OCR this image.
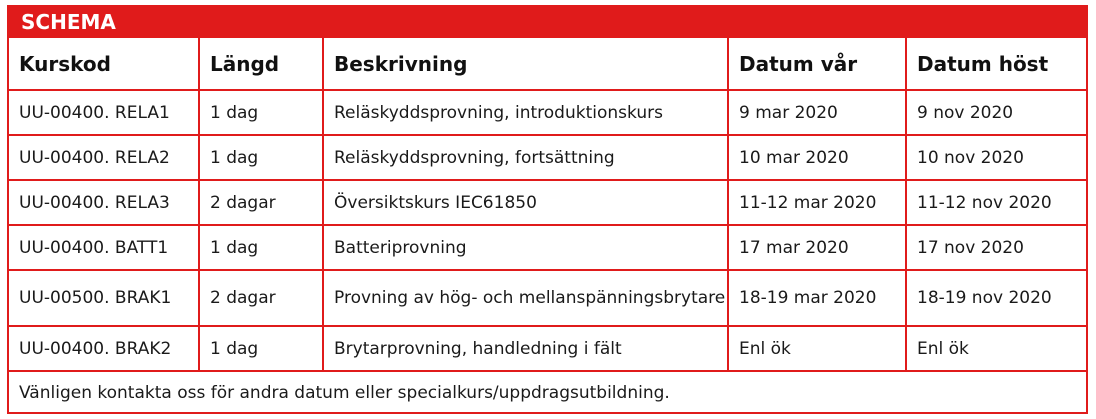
SCHEMA
Kurskod	Längd	Beskrivning	Datum vår	Datum höst
UU-00400. RELA1	1 dag	Reläskyddsprovning, introduktionskurs	9 mar 2020	9 nov 2020
UU-00400. RELA2	1 dag	Reläskyddsprovning, fortsättning	10 mar 2020	10 nov 2020
UU-00400. RELA3	2 dagar	Översiktskurs IEC61850	11-12 mar 2020	11-12 nov 2020
UU-00400. BATT1	1 dag	Batteriprovning	17 mar 2020	17 nov 2020
UU-00500. BRAK1	2 dagar	Provning av hög- och mellanspänningsbrytare	18-19 mar 2020	18-19 nov 2020
UU-00400. BRAK2	1 dag	Brytarprovning, handledning i fält	Enl ök	Enl ök
Vänligen kontakta oss för andra datum eller specialkurs/uppdragsutbildning.				
